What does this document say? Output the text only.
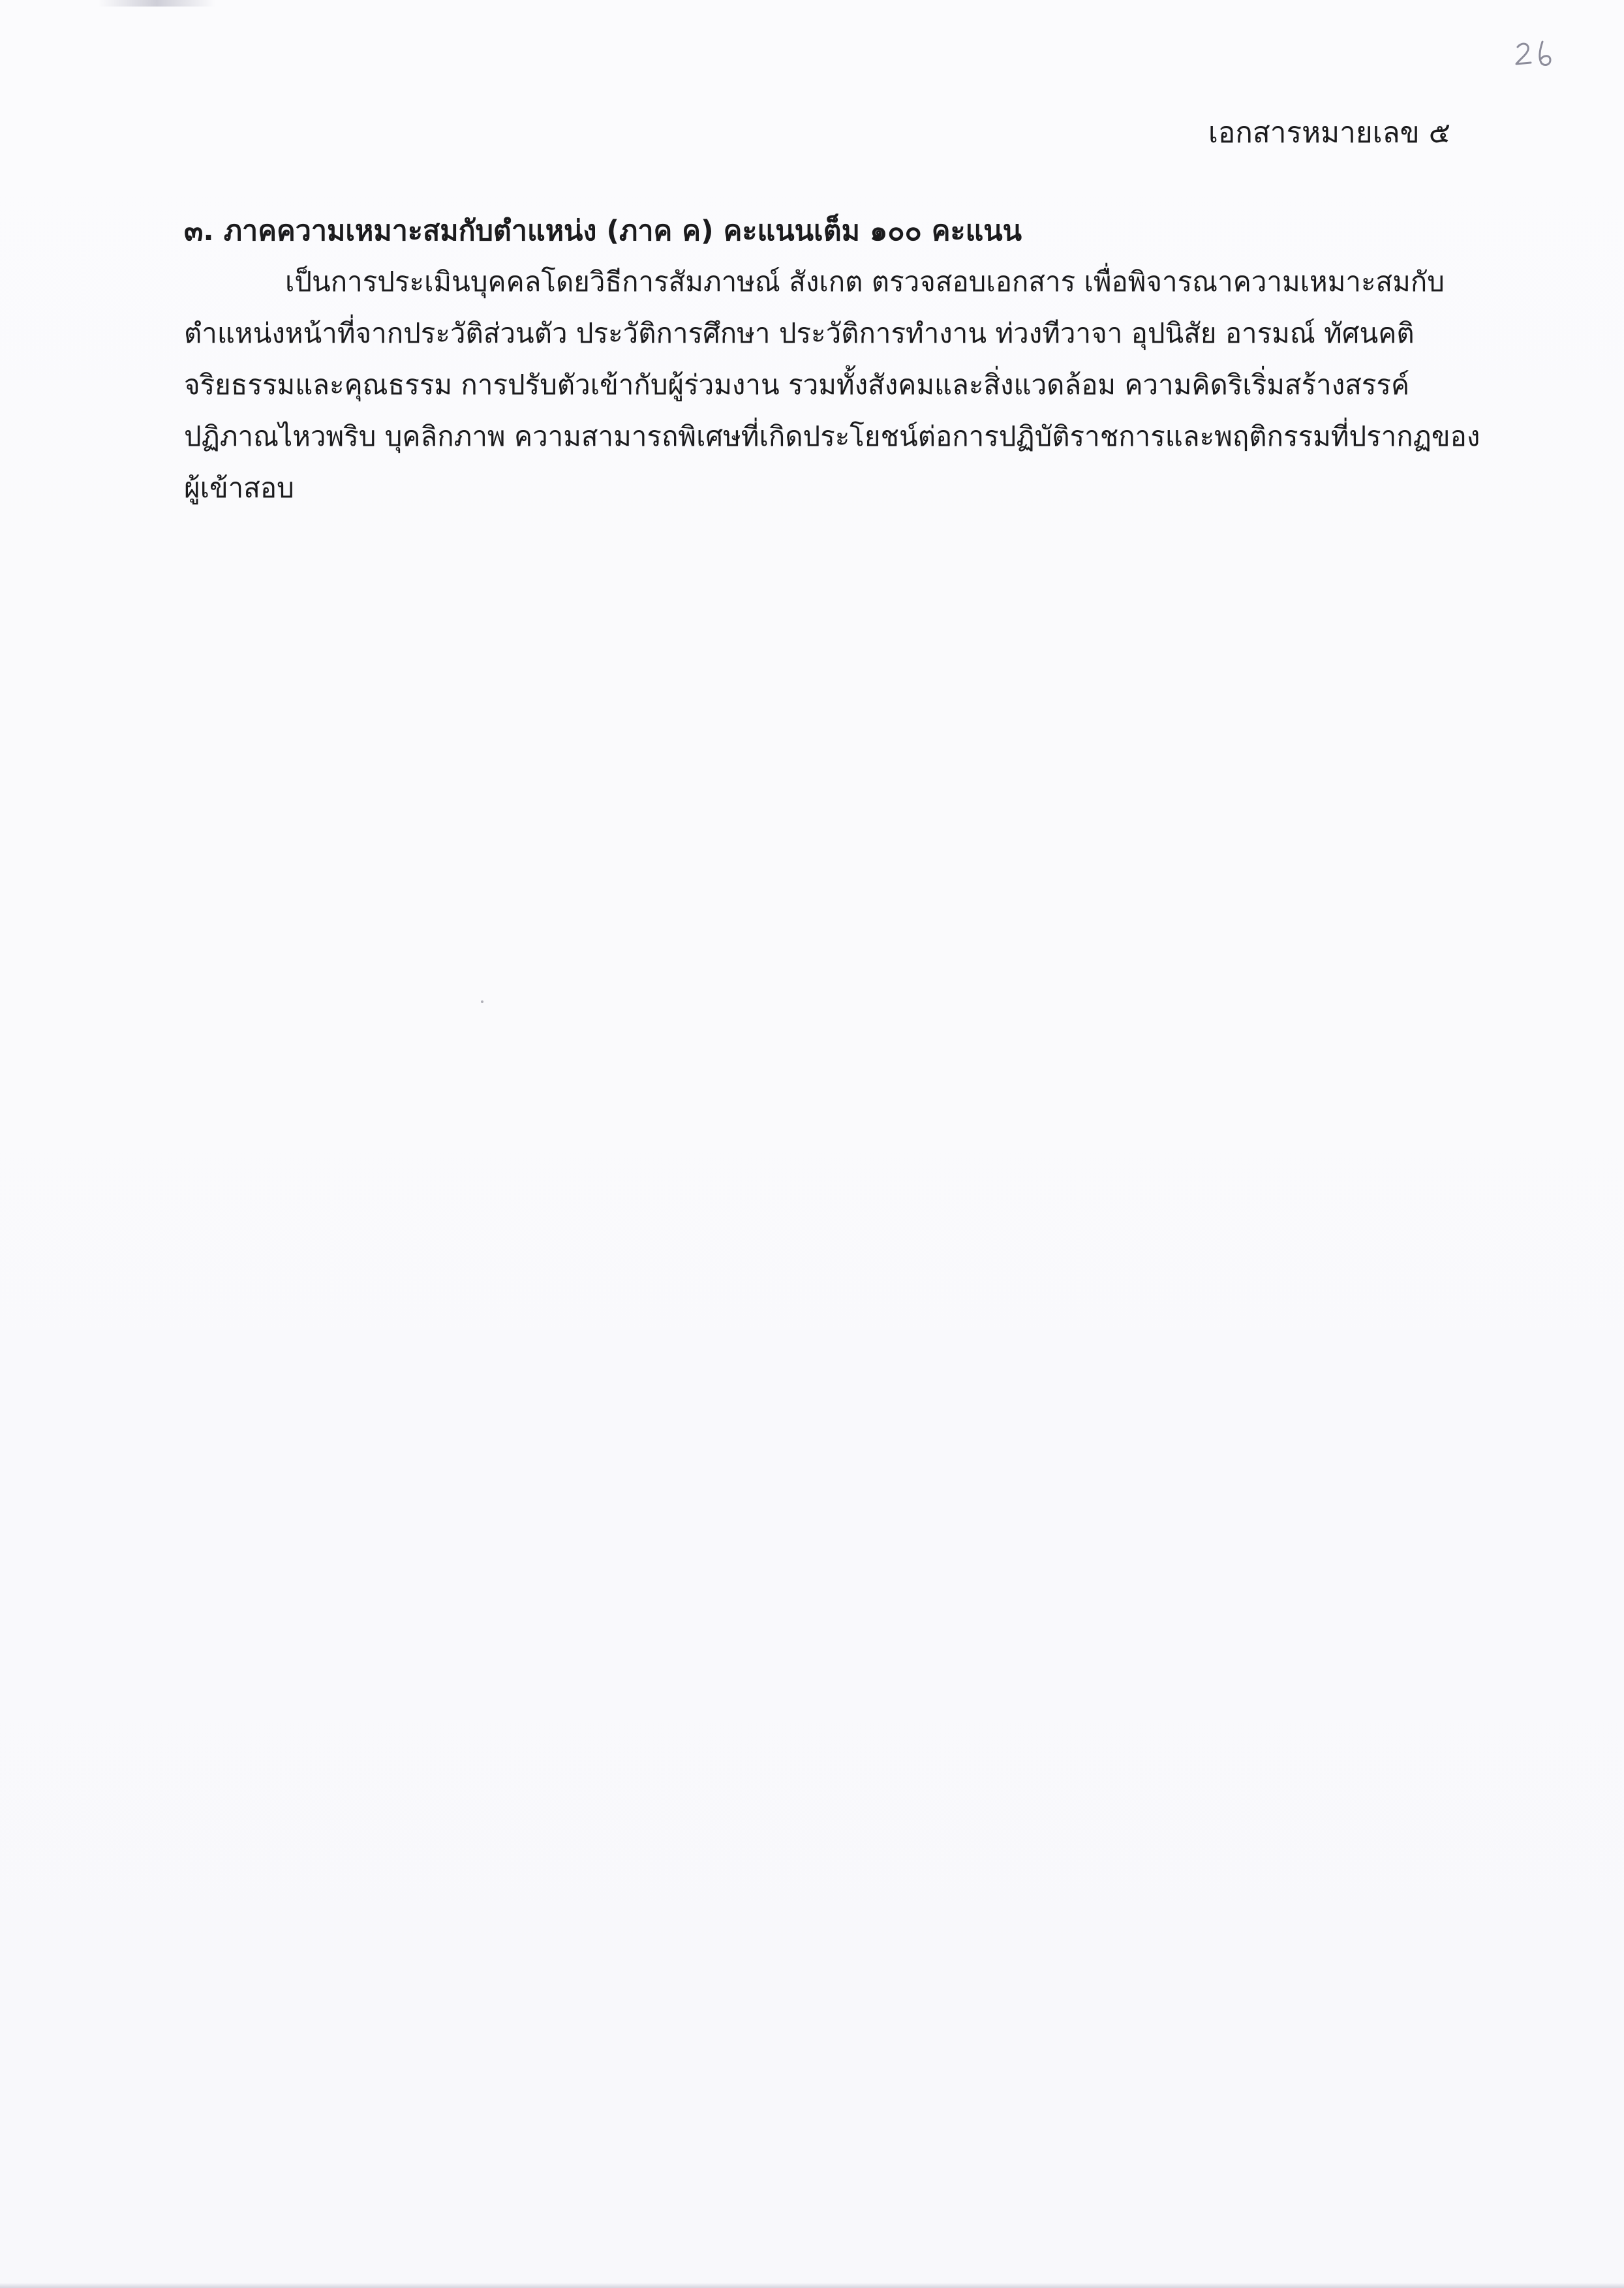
เอกสารหมายเลข ๕
๓. ภาคความเหมาะสมกับตำแหน่ง (ภาค ค) คะแนนเต็ม ๑๐๐ คะแนน
เป็นการประเมินบุคคลโดยวิธีการสัมภาษณ์ สังเกต ตรวจสอบเอกสาร เพื่อพิจารณาความเหมาะสมกับ
ตำแหน่งหน้าที่จากประวัติส่วนตัว ประวัติการศึกษา ประวัติการทำงาน ท่วงทีวาจา อุปนิสัย อารมณ์ ทัศนคติ
จริยธรรมและคุณธรรม การปรับตัวเข้ากับผู้ร่วมงาน รวมทั้งสังคมและสิ่งแวดล้อม ความคิดริเริ่มสร้างสรรค์
ปฏิภาณไหวพริบ บุคลิกภาพ ความสามารถพิเศษที่เกิดประโยชน์ต่อการปฏิบัติราชการและพฤติกรรมที่ปรากฏของ
ผู้เข้าสอบ
